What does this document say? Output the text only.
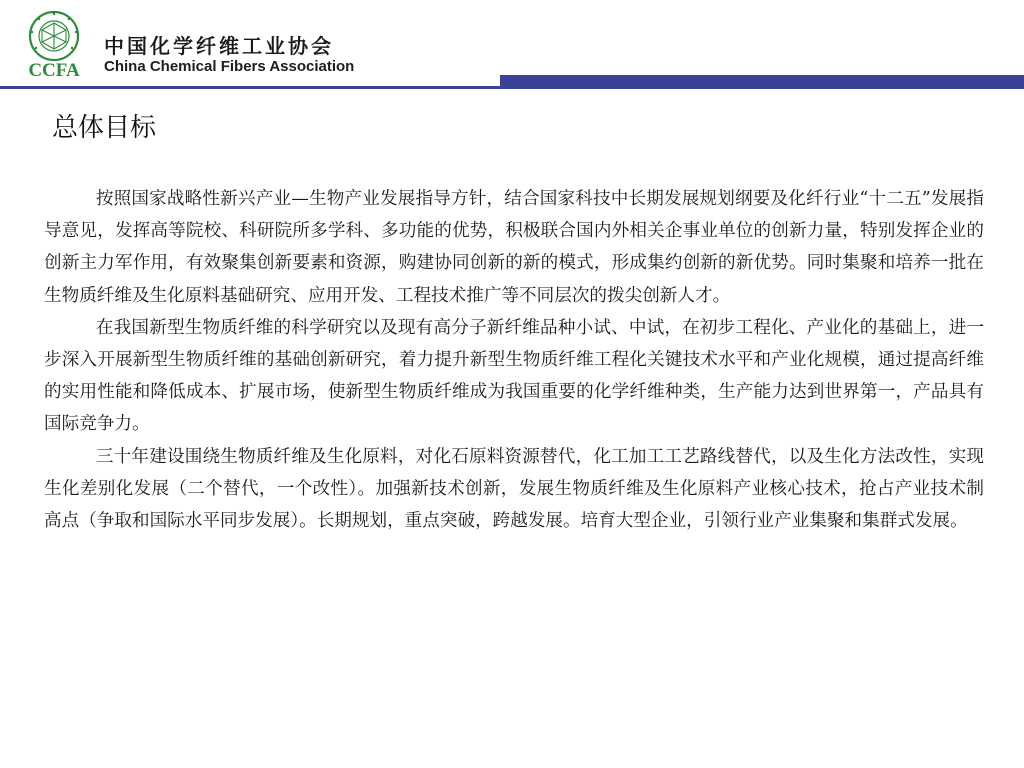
CCFA
中国化学纤维工业协会
China Chemical Fibers Association
总体目标

按照国家战略性新兴产业—生物产业发展指导方针，结合国家科技中长期发展规划纲要及化纤行业“十二五”发展指导意见，发挥高等院校、科研院所多学科、多功能的优势，积极联合国内外相关企事业单位的创新力量，特别发挥企业的创新主力军作用，有效聚集创新要素和资源，购建协同创新的新的模式，形成集约创新的新优势。同时集聚和培养一批在生物质纤维及生化原料基础研究、应用开发、工程技术推广等不同层次的拨尖创新人才。

在我国新型生物质纤维的科学研究以及现有高分子新纤维品种小试、中试，在初步工程化、产业化的基础上，进一步深入开展新型生物质纤维的基础创新研究，着力提升新型生物质纤维工程化关键技术水平和产业化规模，通过提高纤维的实用性能和降低成本、扩展市场，使新型生物质纤维成为我国重要的化学纤维种类，生产能力达到世界第一，产品具有国际竞争力。

三十年建设围绕生物质纤维及生化原料，对化石原料资源替代，化工加工工艺路线替代，以及生化方法改性，实现生化差别化发展（二个替代，一个改性）。加强新技术创新，发展生物质纤维及生化原料产业核心技术，抢占产业技术制高点（争取和国际水平同步发展）。长期规划，重点突破，跨越发展。培育大型企业，引领行业产业集聚和集群式发展。
